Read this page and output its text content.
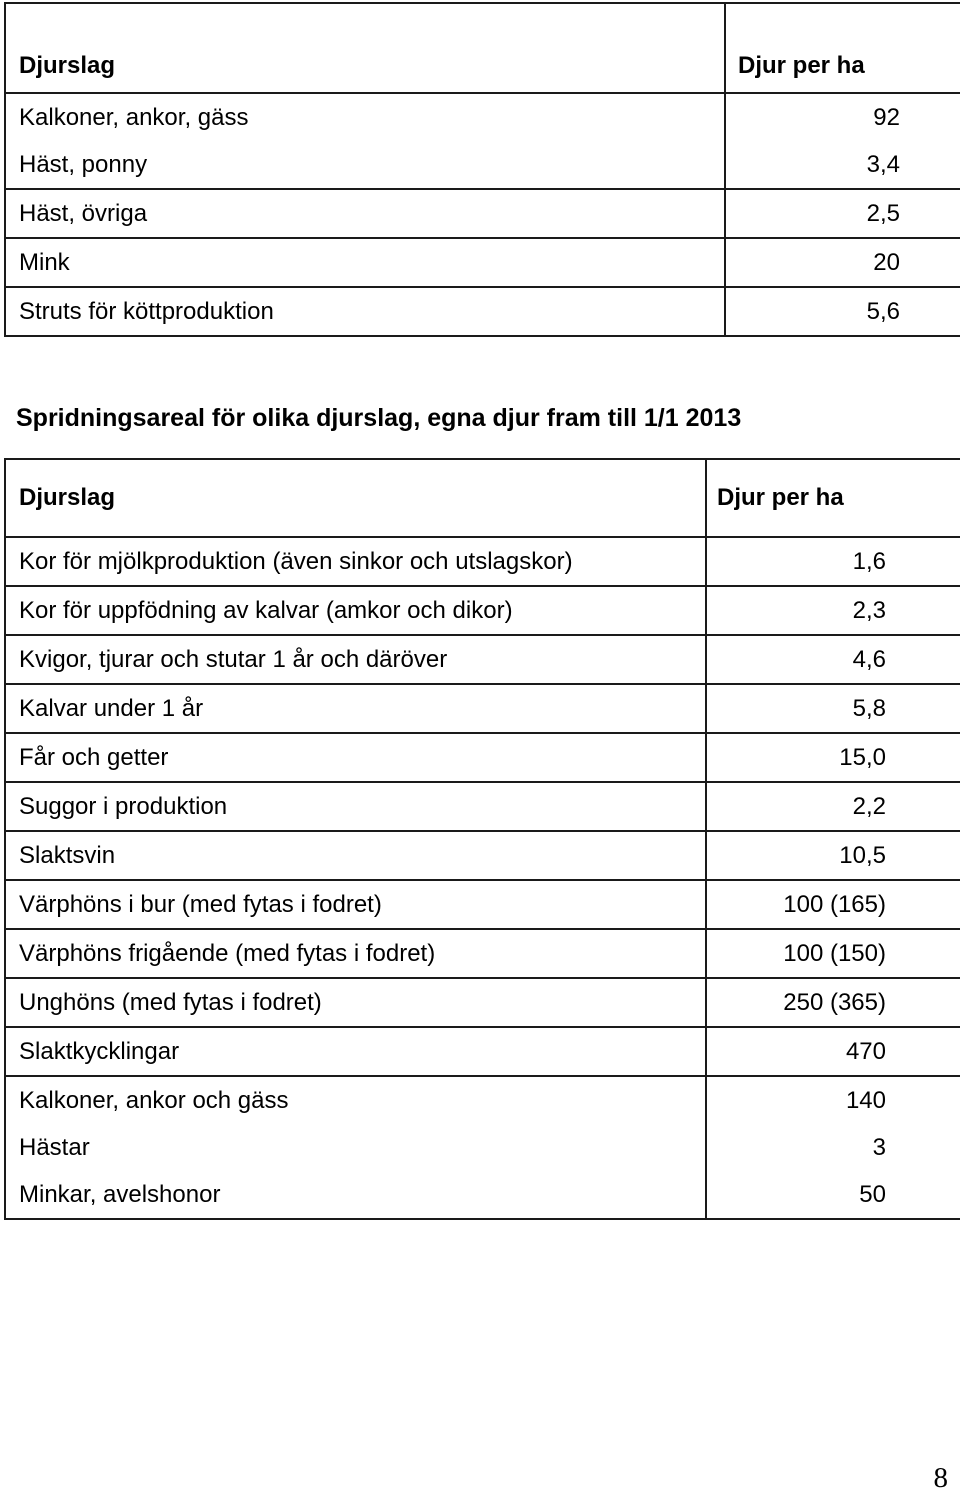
Djurslag	Djur per ha
Kalkoner, ankor, gäss	92
Häst, ponny	3,4
Häst, övriga	2,5
Mink	20
Struts för köttproduktion	5,6
Spridningsareal för olika djurslag, egna djur fram till 1/1 2013
Djurslag	Djur per ha
Kor för mjölkproduktion (även sinkor och utslagskor)	1,6
Kor för uppfödning av kalvar (amkor och dikor)	2,3
Kvigor, tjurar och stutar 1 år och däröver	4,6
Kalvar under 1 år	5,8
Får och getter	15,0
Suggor i produktion	2,2
Slaktsvin	10,5
Värphöns i bur (med fytas i fodret)	100 (165)
Värphöns frigående (med fytas i fodret)	100 (150)
Unghöns (med fytas i fodret)	250 (365)
Slaktkycklingar	470
Kalkoner, ankor och gäss	140
Hästar	3
Minkar, avelshonor	50
8
